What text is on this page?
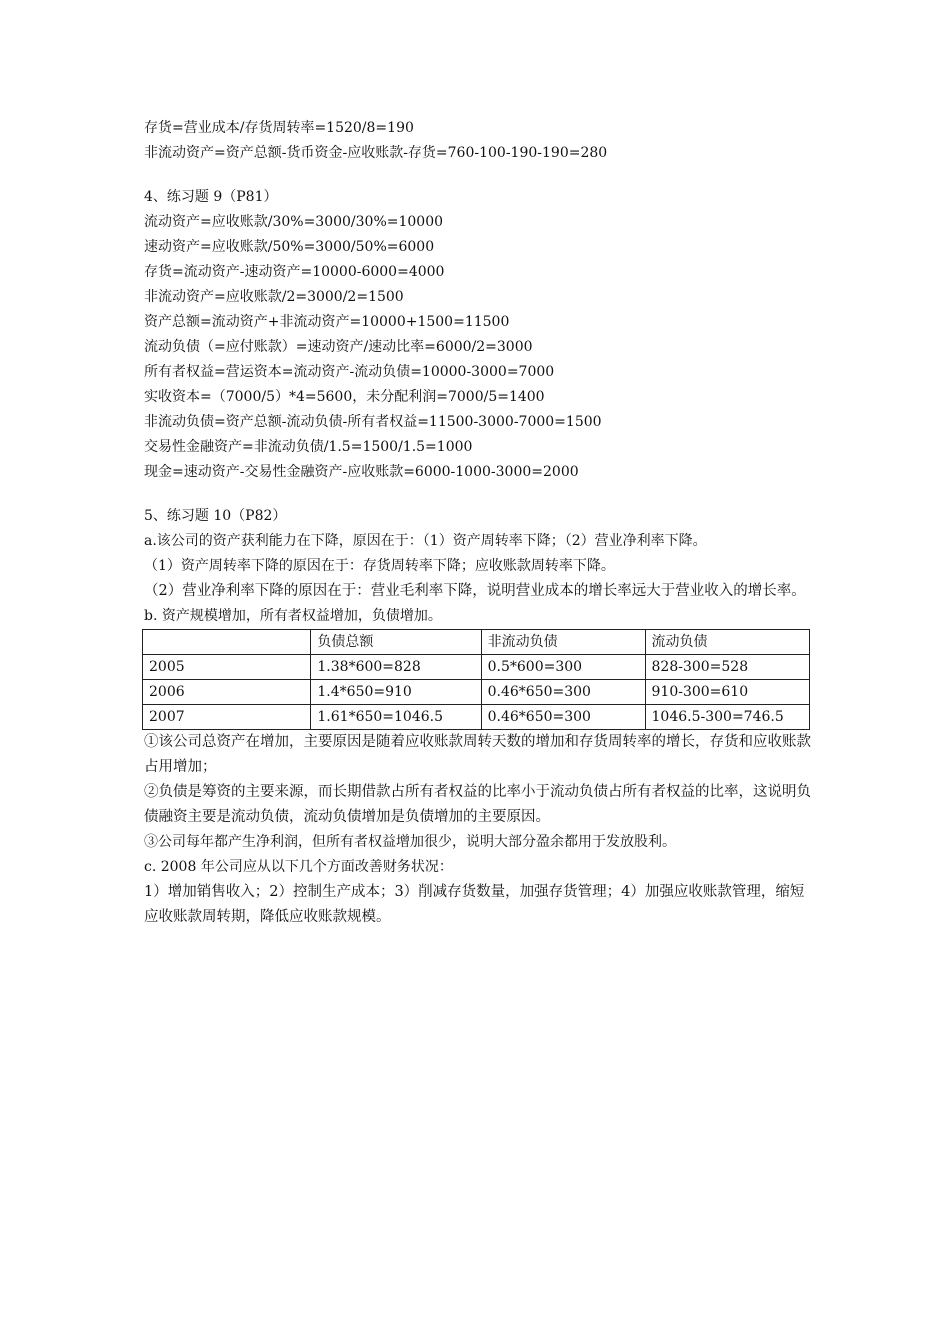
存货=营业成本/存货周转率=1520/8=190
非流动资产=资产总额-货币资金-应收账款-存货=760-100-190-190=280
4、练习题 9（P81）
流动资产=应收账款/30%=3000/30%=10000
速动资产=应收账款/50%=3000/50%=6000
存货=流动资产-速动资产=10000-6000=4000
非流动资产=应收账款/2=3000/2=1500
资产总额=流动资产+非流动资产=10000+1500=11500
流动负债（=应付账款）=速动资产/速动比率=6000/2=3000
所有者权益=营运资本=流动资产-流动负债=10000-3000=7000
实收资本=（7000/5）*4=5600，未分配利润=7000/5=1400
非流动负债=资产总额-流动负债-所有者权益=11500-3000-7000=1500
交易性金融资产=非流动负债/1.5=1500/1.5=1000
现金=速动资产-交易性金融资产-应收账款=6000-1000-3000=2000
5、练习题 10（P82）
a.该公司的资产获利能力在下降，原因在于：（1）资产周转率下降；（2）营业净利率下降。
（1）资产周转率下降的原因在于：存货周转率下降；应收账款周转率下降。
（2）营业净利率下降的原因在于：营业毛利率下降，说明营业成本的增长率远大于营业收入的增长率。
b. 资产规模增加，所有者权益增加，负债增加。
	负债总额	非流动负债	流动负债
2005	1.38*600=828	0.5*600=300	828-300=528
2006	1.4*650=910	0.46*650=300	910-300=610
2007	1.61*650=1046.5	0.46*650=300	1046.5-300=746.5
①该公司总资产在增加，主要原因是随着应收账款周转天数的增加和存货周转率的增长，存货和应收账款占用增加；
②负债是筹资的主要来源，而长期借款占所有者权益的比率小于流动负债占所有者权益的比率，这说明负债融资主要是流动负债，流动负债增加是负债增加的主要原因。
③公司每年都产生净利润，但所有者权益增加很少，说明大部分盈余都用于发放股利。
c. 2008 年公司应从以下几个方面改善财务状况：
1）增加销售收入；2）控制生产成本；3）削减存货数量，加强存货管理；4）加强应收账款管理，缩短应收账款周转期，降低应收账款规模。
